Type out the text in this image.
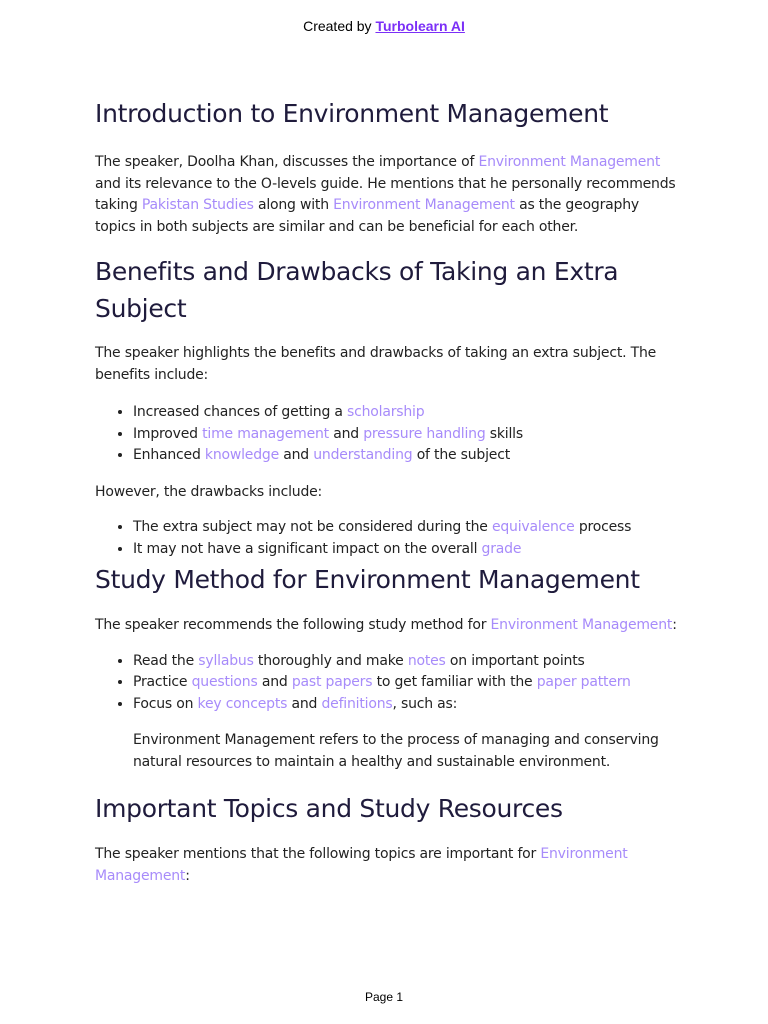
Created by Turbolearn AI
Introduction to Environment Management

The speaker, Doolha Khan, discusses the importance of Environment Management and its relevance to the O-levels guide. He mentions that he personally recommends taking Pakistan Studies along with Environment Management as the geography topics in both subjects are similar and can be beneficial for each other.

Benefits and Drawbacks of Taking an Extra Subject

The speaker highlights the benefits and drawbacks of taking an extra subject. The benefits include:

• Increased chances of getting a scholarship
• Improved time management and pressure handling skills
• Enhanced knowledge and understanding of the subject

However, the drawbacks include:

• The extra subject may not be considered during the equivalence process
• It may not have a significant impact on the overall grade
Study Method for Environment Management

The speaker recommends the following study method for Environment Management:

• Read the syllabus thoroughly and make notes on important points
• Practice questions and past papers to get familiar with the paper pattern
• Focus on key concepts and definitions, such as:
Environment Management refers to the process of managing and conserving natural resources to maintain a healthy and sustainable environment.
Important Topics and Study Resources

The speaker mentions that the following topics are important for Environment Management:

Page 1
